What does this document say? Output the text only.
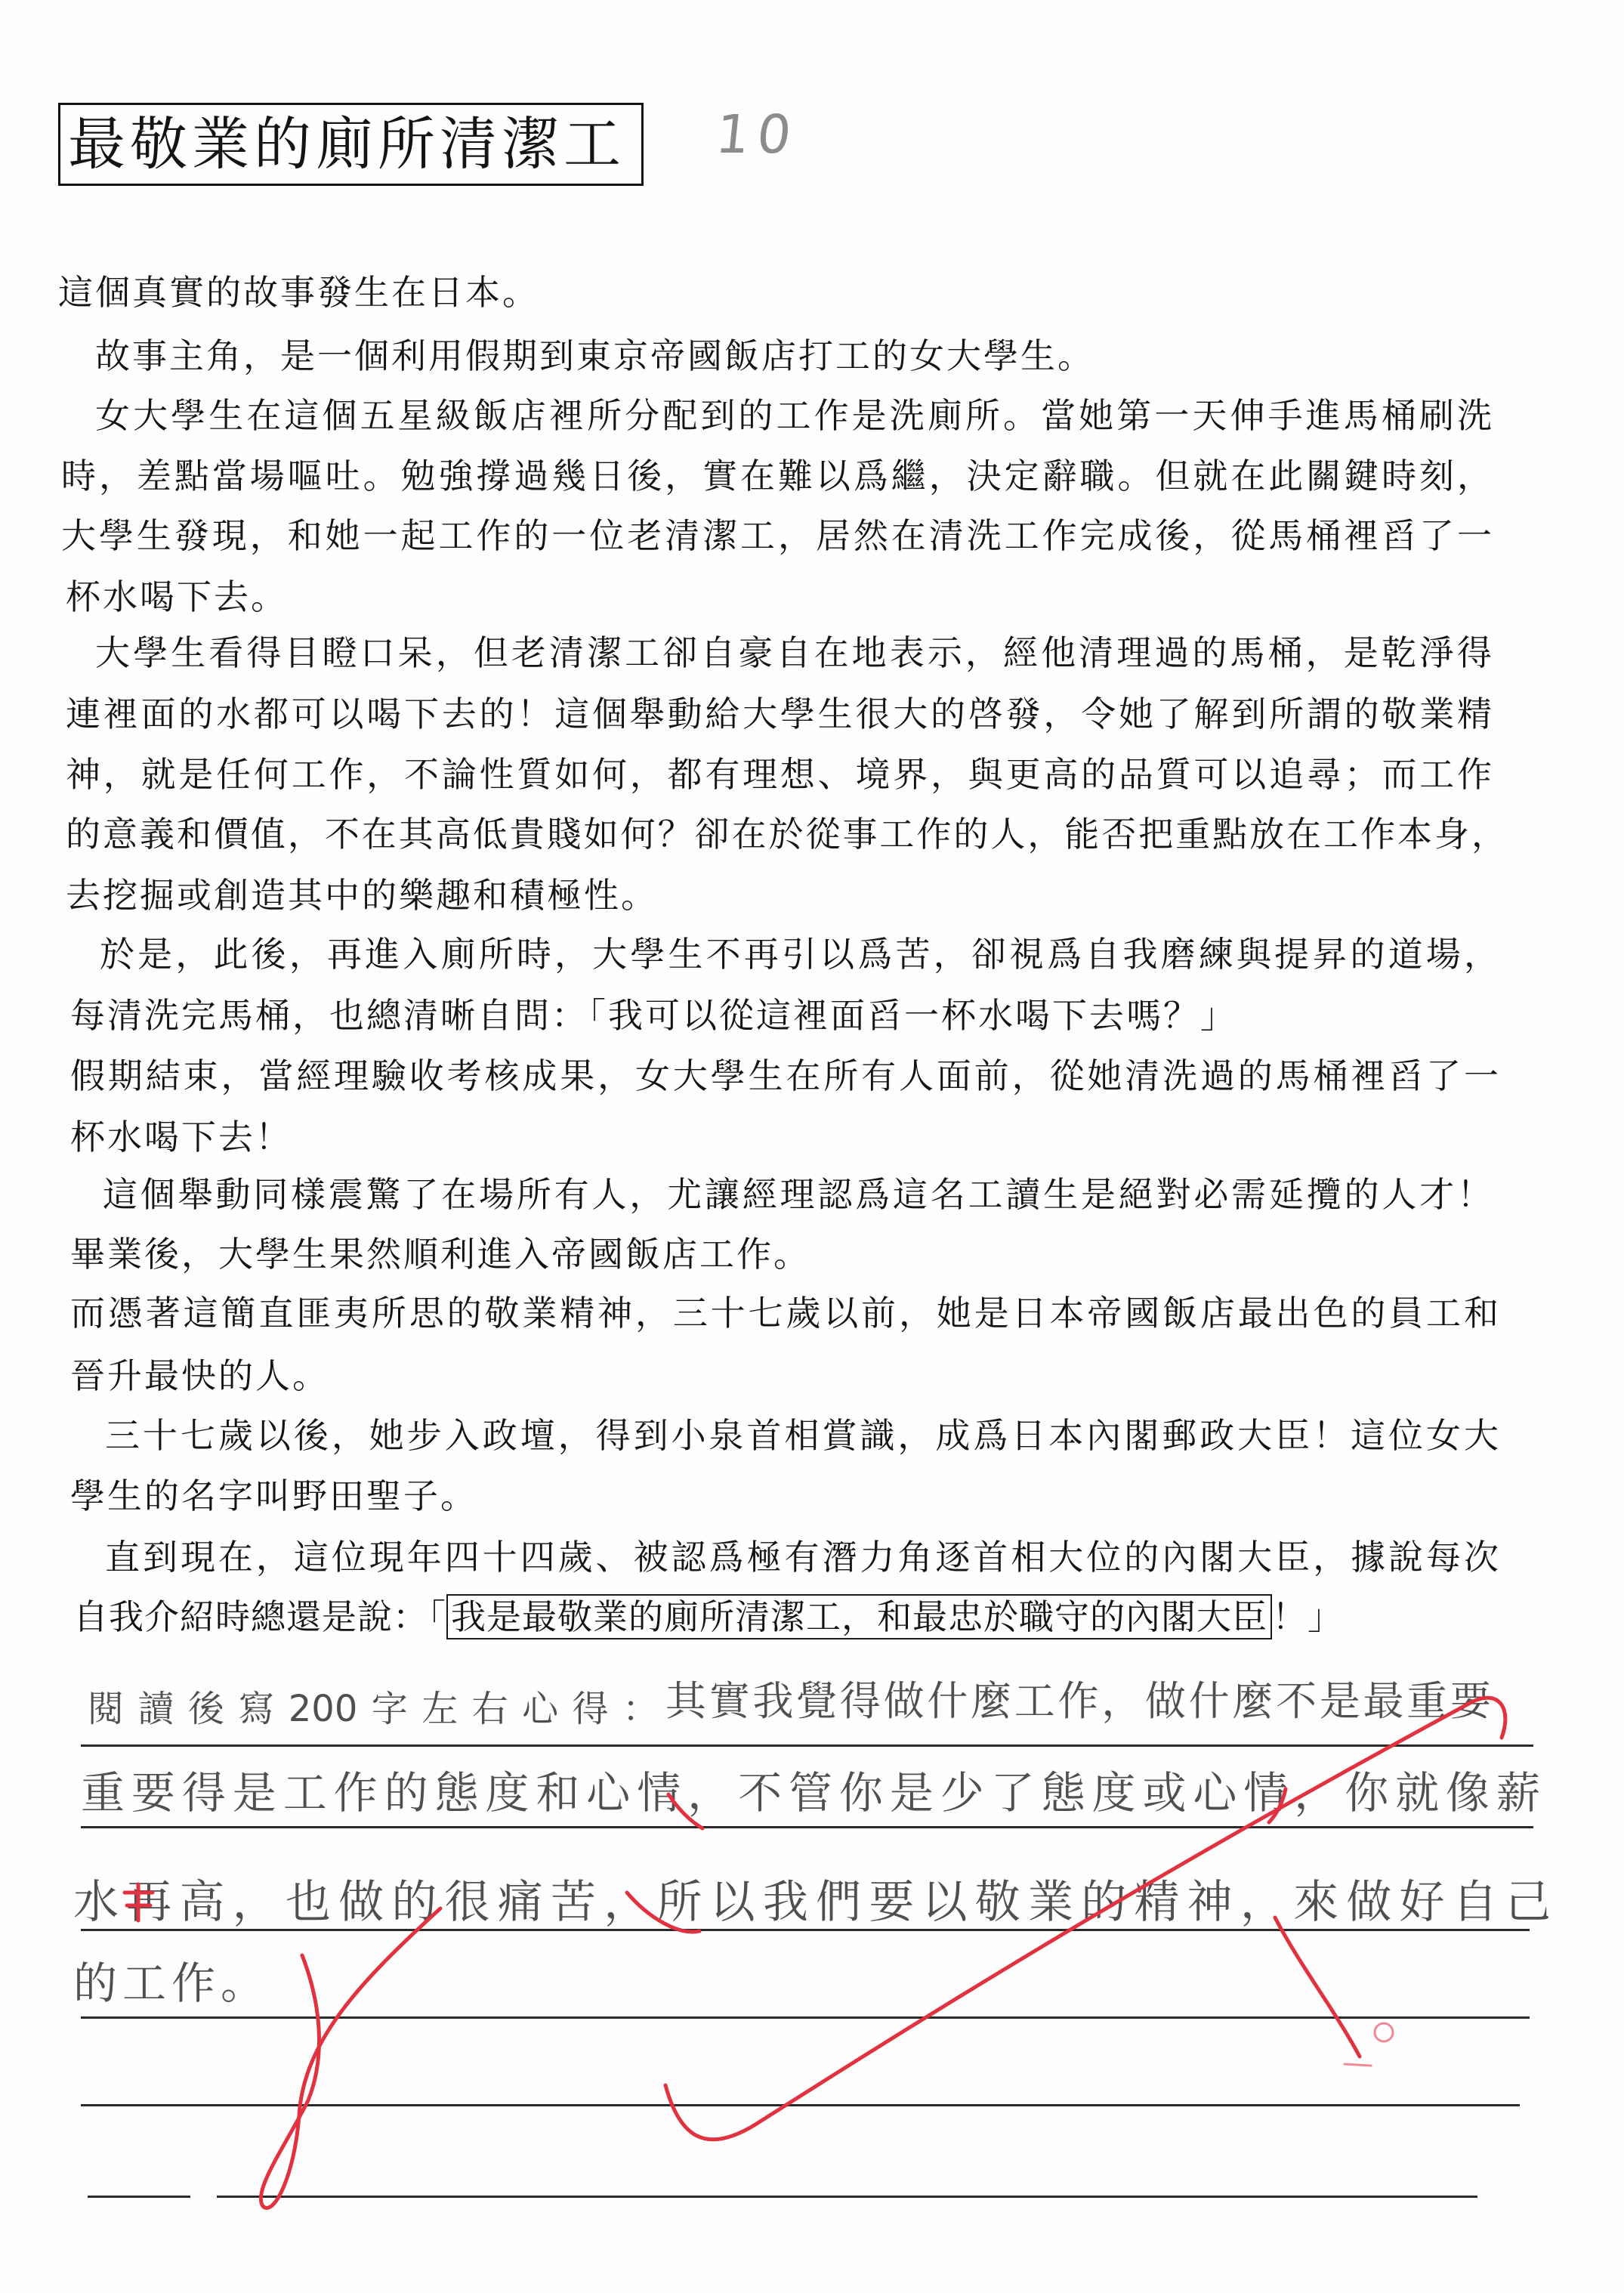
最敬業的廁所清潔工 10
這個真實的故事發生在日本。
故事主角，是一個利用假期到東京帝國飯店打工的女大學生。
女大學生在這個五星級飯店裡所分配到的工作是洗廁所。當她第一天伸手進馬桶刷洗
時，差點當場嘔吐。勉強撐過幾日後，實在難以爲繼，決定辭職。但就在此關鍵時刻，
大學生發現，和她一起工作的一位老清潔工，居然在清洗工作完成後，從馬桶裡舀了一
杯水喝下去。
大學生看得目瞪口呆，但老清潔工卻自豪自在地表示，經他清理過的馬桶，是乾淨得
連裡面的水都可以喝下去的！這個舉動給大學生很大的啓發，令她了解到所謂的敬業精
神，就是任何工作，不論性質如何，都有理想、境界，與更高的品質可以追尋；而工作
的意義和價值，不在其高低貴賤如何？卻在於從事工作的人，能否把重點放在工作本身，
去挖掘或創造其中的樂趣和積極性。
於是，此後，再進入廁所時，大學生不再引以爲苦，卻視爲自我磨練與提昇的道場，
每清洗完馬桶，也總清晰自問：「我可以從這裡面舀一杯水喝下去嗎？」
假期結束，當經理驗收考核成果，女大學生在所有人面前，從她清洗過的馬桶裡舀了一
杯水喝下去！
這個舉動同樣震驚了在場所有人，尤讓經理認爲這名工讀生是絕對必需延攬的人才！
畢業後，大學生果然順利進入帝國飯店工作。
而憑著這簡直匪夷所思的敬業精神，三十七歲以前，她是日本帝國飯店最出色的員工和
晉升最快的人。
三十七歲以後，她步入政壇，得到小泉首相賞識，成爲日本內閣郵政大臣！這位女大
學生的名字叫野田聖子。
直到現在，這位現年四十四歲、被認爲極有潛力角逐首相大位的內閣大臣，據說每次
自我介紹時總還是說：「 我是最敬業的廁所清潔工，和最忠於職守的內閣大臣 ！」
閱讀後寫200字左右心得： 其實我覺得做什麼工作，做什麼不是最重要
重要得是工作的態度和心情，不管你是少了態度或心情，你就像薪
水再高，也做的很痛苦，所以我們要以敬業的精神，來做好自己
的工作。
